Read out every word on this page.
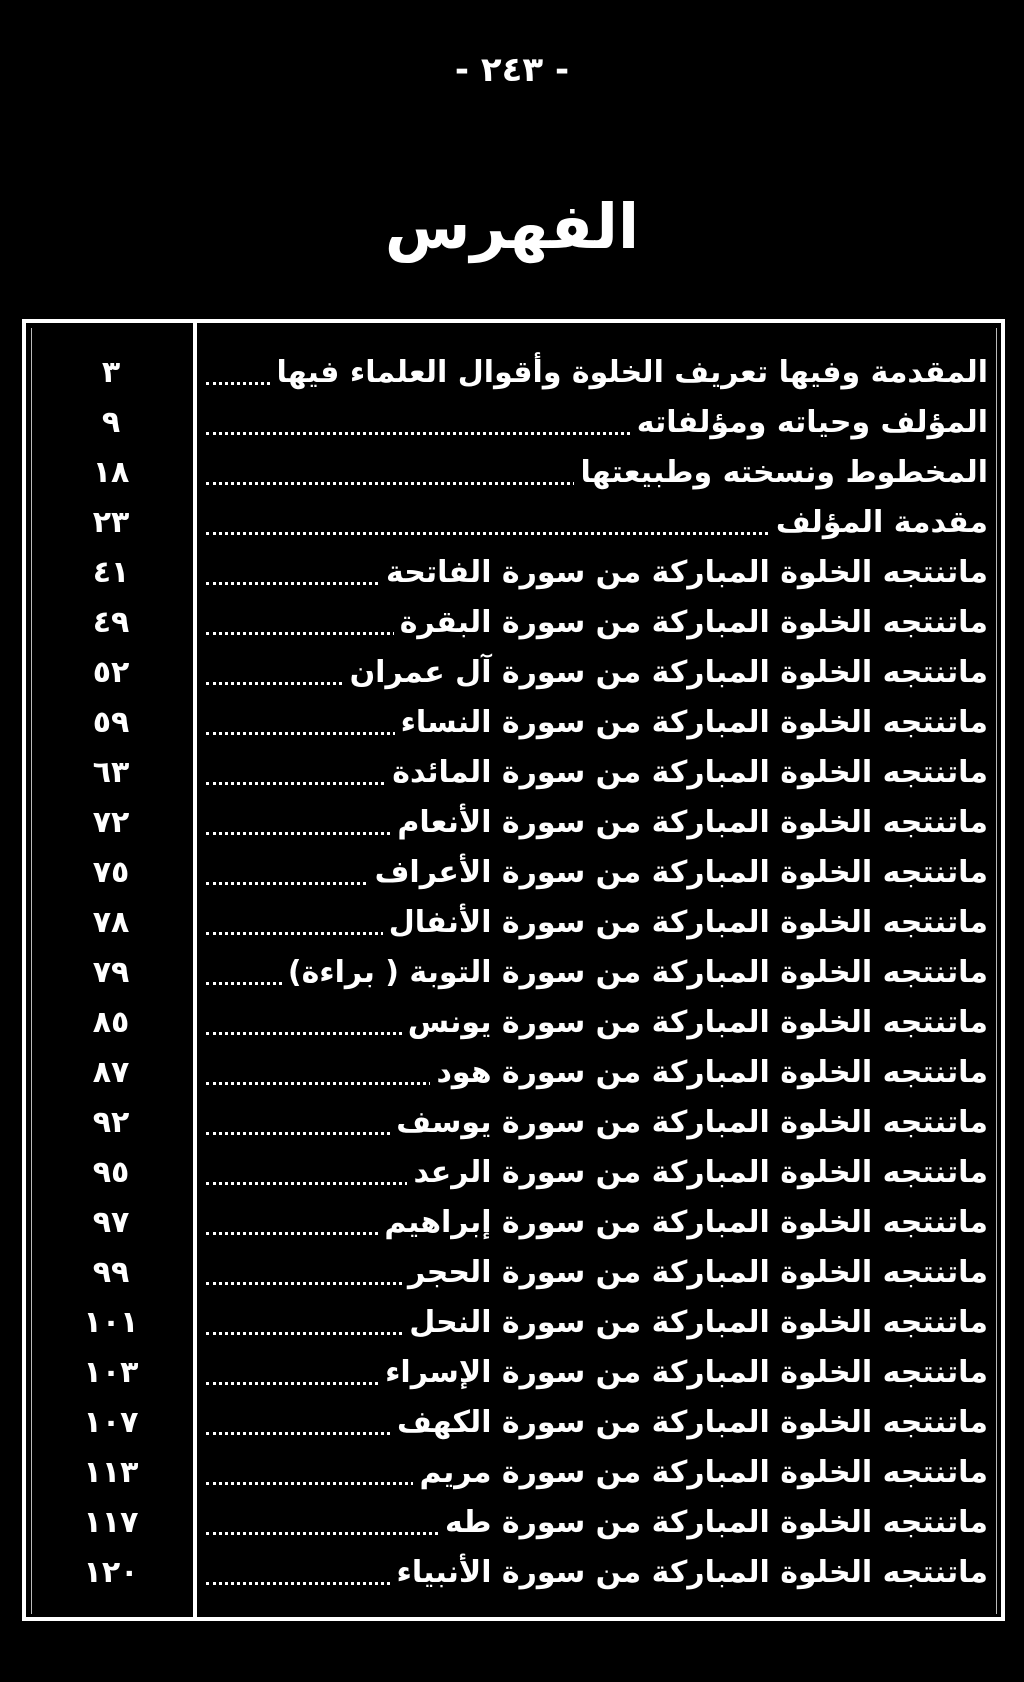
- ٢٤٣ -
الفهرس
المقدمة وفيها تعريف الخلوة وأقوال العلماء فيها
٣
المؤلف وحياته ومؤلفاته
٩
المخطوط ونسخته وطبيعتها
١٨
مقدمة المؤلف
٢٣
ماتنتجه الخلوة المباركة من سورة الفاتحة
٤١
ماتنتجه الخلوة المباركة من سورة البقرة
٤٩
ماتنتجه الخلوة المباركة من سورة آل عمران
٥٢
ماتنتجه الخلوة المباركة من سورة النساء
٥٩
ماتنتجه الخلوة المباركة من سورة المائدة
٦٣
ماتنتجه الخلوة المباركة من سورة الأنعام
٧٢
ماتنتجه الخلوة المباركة من سورة الأعراف
٧٥
ماتنتجه الخلوة المباركة من سورة الأنفال
٧٨
ماتنتجه الخلوة المباركة من سورة التوبة ( براءة)
٧٩
ماتنتجه الخلوة المباركة من سورة يونس
٨٥
ماتنتجه الخلوة المباركة من سورة هود
٨٧
ماتنتجه الخلوة المباركة من سورة يوسف
٩٢
ماتنتجه الخلوة المباركة من سورة الرعد
٩٥
ماتنتجه الخلوة المباركة من سورة إبراهيم
٩٧
ماتنتجه الخلوة المباركة من سورة الحجر
٩٩
ماتنتجه الخلوة المباركة من سورة النحل
١٠١
ماتنتجه الخلوة المباركة من سورة الإسراء
١٠٣
ماتنتجه الخلوة المباركة من سورة الكهف
١٠٧
ماتنتجه الخلوة المباركة من سورة مريم
١١٣
ماتنتجه الخلوة المباركة من سورة طه
١١٧
ماتنتجه الخلوة المباركة من سورة الأنبياء
١٢٠
